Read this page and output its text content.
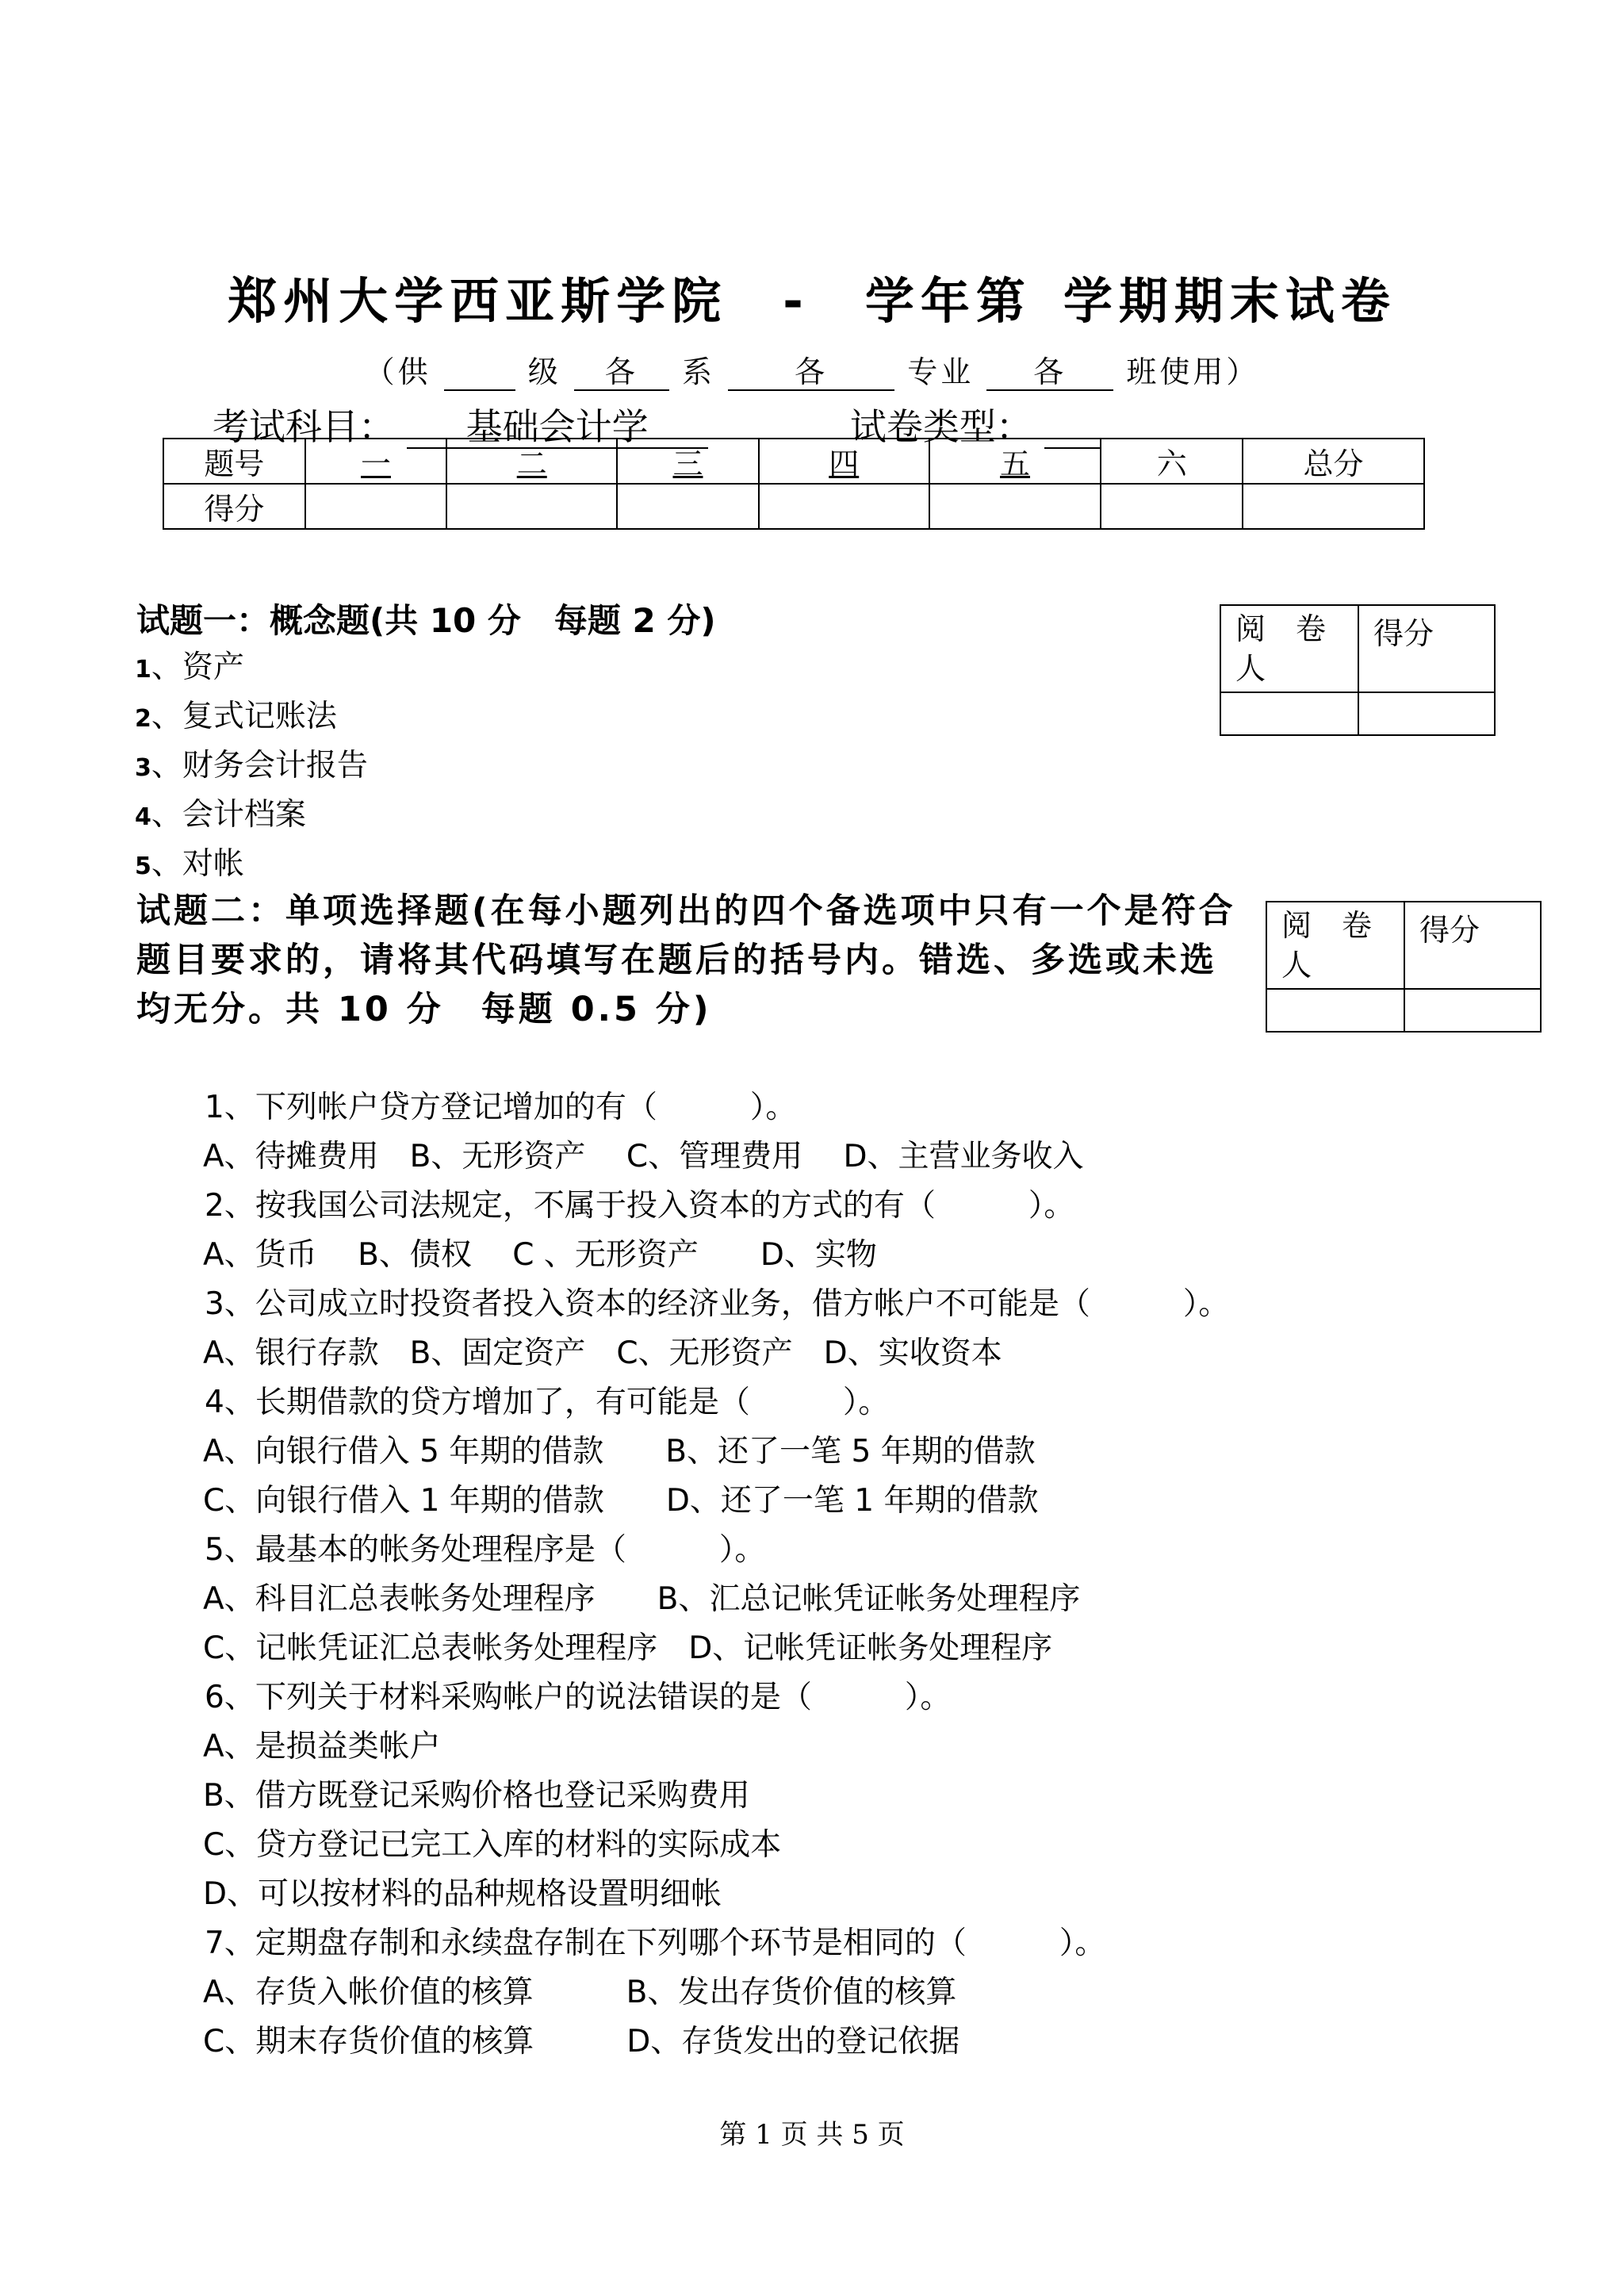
郑州大学西亚斯学院 - 学年第 学期期末试卷
（供	级 各 系	各	专业 各 班使用）
考试科目： 基础会计学	试卷类型：
题号	一	二	三	四	五	六	总分
得分							
阅　卷人	得分

试题一：概念题(共 10 分　每题 2 分)
1、资产
2、复式记账法
3、财务会计报告
4、会计档案
5、对帐
阅　卷人	得分

试题二：单项选择题(在每小题列出的四个备选项中只有一个是符合题目要求的，请将其代码填写在题后的括号内。错选、多选或未选均无分。共 10 分　每题 0.5 分)
1、下列帐户贷方登记增加的有（　　　）。
A、待摊费用　B、无形资产　 C、管理费用　 D、主营业务收入
2、按我国公司法规定，不属于投入资本的方式的有（　　　）。
A、货币　 B、债权　 C 、无形资产　　D、实物
3、公司成立时投资者投入资本的经济业务，借方帐户不可能是（　　　）。
A、银行存款　B、固定资产　C、无形资产　D、实收资本
4、长期借款的贷方增加了，有可能是（　　　）。
A、向银行借入 5 年期的借款　　B、还了一笔 5 年期的借款
C、向银行借入 1 年期的借款　　D、还了一笔 1 年期的借款
5、最基本的帐务处理程序是（　　　）。
A、科目汇总表帐务处理程序　　B、汇总记帐凭证帐务处理程序
C、记帐凭证汇总表帐务处理程序　D、记帐凭证帐务处理程序
6、下列关于材料采购帐户的说法错误的是（　　　）。
A、是损益类帐户
B、借方既登记采购价格也登记采购费用
C、贷方登记已完工入库的材料的实际成本
D、可以按材料的品种规格设置明细帐
7、定期盘存制和永续盘存制在下列哪个环节是相同的（　　　）。
A、存货入帐价值的核算　　　B、发出存货价值的核算
C、期末存货价值的核算　　　D、存货发出的登记依据
第 1 页 共 5 页
